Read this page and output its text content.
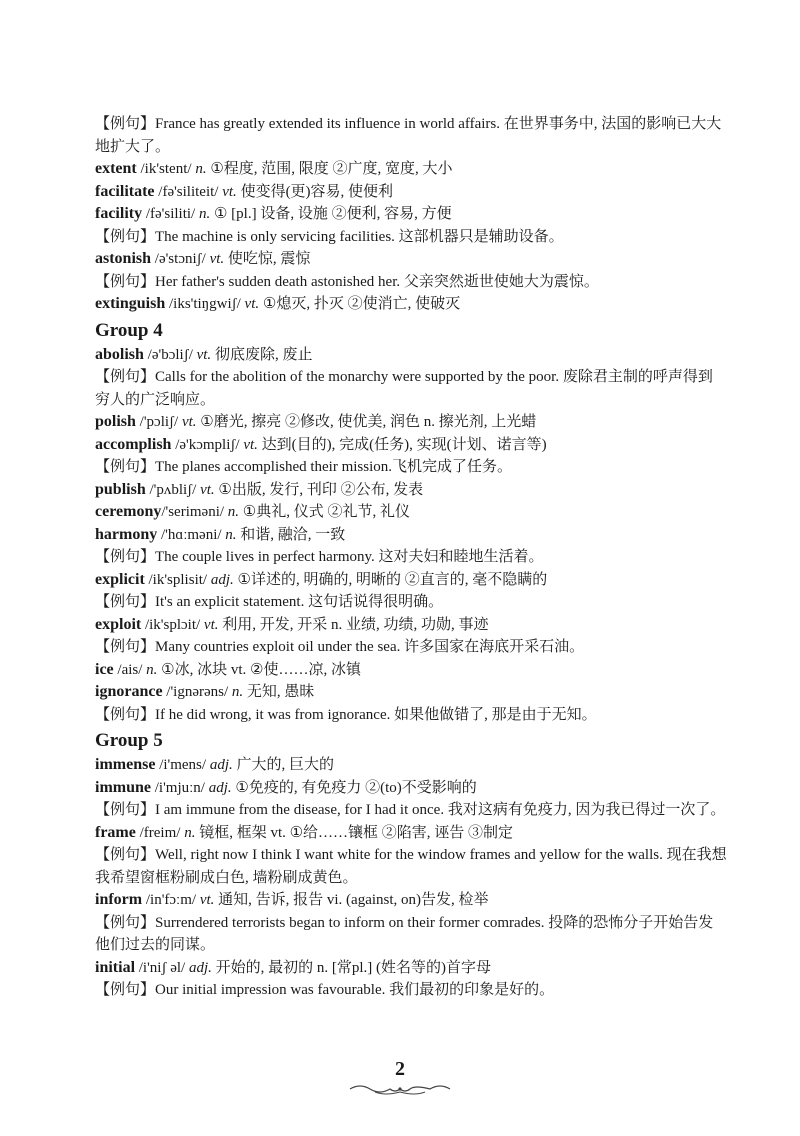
【例句】France has greatly extended its influence in world affairs. 在世界事务中, 法国的影响已大大地扩大了。
extent /ik'stent/ n. ①程度, 范围, 限度 ②广度, 宽度, 大小
facilitate /fə'siliteit/ vt. 使变得(更)容易, 使便利
facility /fə'siliti/ n. ① [pl.] 设备, 设施 ②便利, 容易, 方便
【例句】The machine is only servicing facilities. 这部机器只是辅助设备。
astonish /ə'stɔniʃ/ vt. 使吃惊, 震惊
【例句】Her father's sudden death astonished her. 父亲突然逝世使她大为震惊。
extinguish /iks'tiŋgwiʃ/ vt. ①熄灭, 扑灭 ②使消亡, 使破灭
Group 4
abolish /ə'bɔliʃ/ vt. 彻底废除, 废止
【例句】Calls for the abolition of the monarchy were supported by the poor. 废除君主制的呼声得到穷人的广泛响应。
polish /'pɔliʃ/ vt. ①磨光, 擦亮 ②修改, 使优美, 润色 n. 擦光剂, 上光蜡
accomplish /ə'kɔmpliʃ/ vt. 达到(目的), 完成(任务), 实现(计划、诺言等)
【例句】The planes accomplished their mission.飞机完成了任务。
publish /'pʌbliʃ/ vt. ①出版, 发行, 刊印 ②公布, 发表
ceremony/'seriməni/ n. ①典礼, 仪式 ②礼节, 礼仪
harmony /'hɑːməni/ n. 和谐, 融洽, 一致
【例句】The couple lives in perfect harmony. 这对夫妇和睦地生活着。
explicit /ik'splisit/ adj. ①详述的, 明确的, 明晰的 ②直言的, 毫不隐瞒的
【例句】It's an explicit statement. 这句话说得很明确。
exploit /ik'splɔit/ vt. 利用, 开发, 开采 n. 业绩, 功绩, 功勋, 事迹
【例句】Many countries exploit oil under the sea. 许多国家在海底开采石油。
ice /ais/ n. ①冰, 冰块 vt. ②使……凉, 冰镇
ignorance /'ignərəns/ n. 无知, 愚昧
【例句】If he did wrong, it was from ignorance. 如果他做错了, 那是由于无知。
Group 5
immense /i'mens/ adj. 广大的, 巨大的
immune /i'mjuːn/ adj. ①免疫的, 有免疫力 ②(to)不受影响的
【例句】I am immune from the disease, for I had it once. 我对这病有免疫力, 因为我已得过一次了。
frame /freim/ n. 镜框, 框架 vt. ①给……镶框 ②陷害, 诬告 ③制定
【例句】Well, right now I think I want white for the window frames and yellow for the walls. 现在我想我希望窗框粉刷成白色, 墙粉刷成黄色。
inform /in'fɔːm/ vt. 通知, 告诉, 报告 vi. (against, on)告发, 检举
【例句】Surrendered terrorists began to inform on their former comrades. 投降的恐怖分子开始告发他们过去的同谋。
initial /i'niʃ əl/ adj. 开始的, 最初的 n. [常pl.] (姓名等的)首字母
【例句】Our initial impression was favourable. 我们最初的印象是好的。
2
